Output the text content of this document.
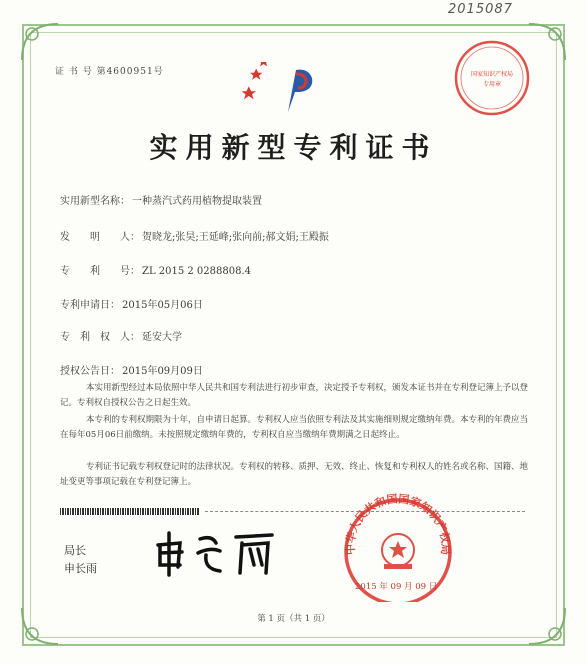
2015087
证 书 号 第4600951号	国家知识产权局
专用章
实用新型专利证书
实用新型名称： 一种蒸汽式药用植物提取装置
发　　明　　人： 贺晓龙;张昊;王延峰;张向前;郝文娟;王殿振
专　　利　　号： ZL 2015 2 0288808.4
专利申请日： 2015年05月06日
专　利　权　人： 延安大学
授权公告日： 2015年09月09日

本实用新型经过本局依照中华人民共和国专利法进行初步审查，决定授予专利权，颁发本证书并在专利登记簿上予以登记。专利权自授权公告之日起生效。

本专利的专利权期限为十年，自申请日起算。专利权人应当依照专利法及其实施细则规定缴纳年费。本专利的年费应当在每年05月06日前缴纳。未按照规定缴纳年费的，专利权自应当缴纳年费期满之日起终止。

专利证书记载专利权登记时的法律状况。专利权的转移、质押、无效、终止、恢复和专利权人的姓名或名称、国籍、地址变更等事项记载在专利登记簿上。

局长
申长雨
中华人民共和国国家知识产权局
2015 年 09 月 09 日
第 1 页（共 1 页）
